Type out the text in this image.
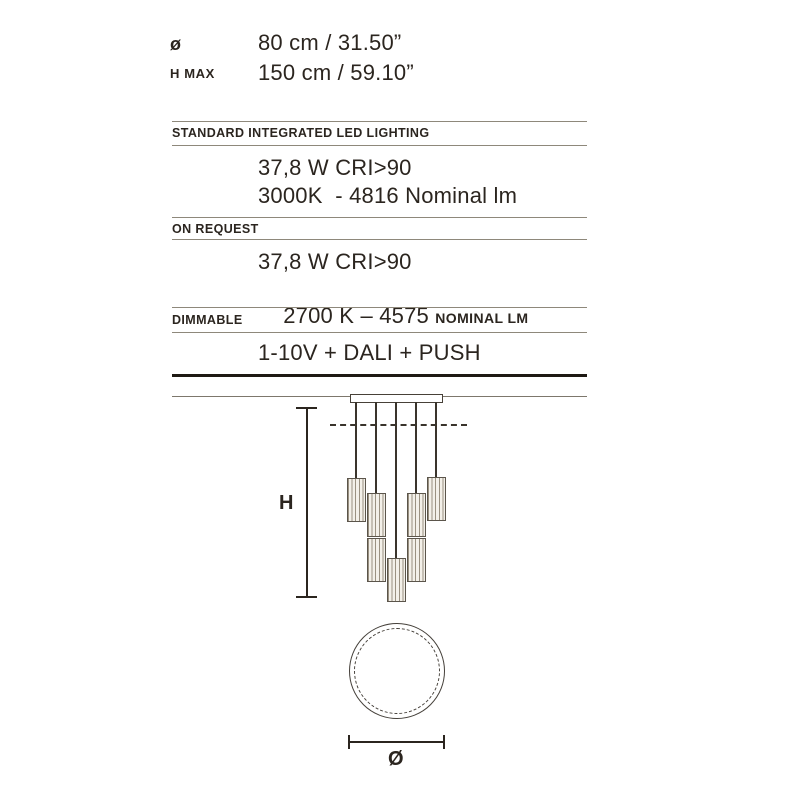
ø	80 cm / 31.50”
H MAX 150 cm / 59.10”
STANDARD INTEGRATED LED LIGHTING
37,8 W CRI>90
3000K  - 4816 Nominal lm
ON REQUEST
37,8 W CRI>90

2700 K – 4575 NOMINAL LM

DIMMABLE
1-10V + DALI + PUSH
H
Ø
